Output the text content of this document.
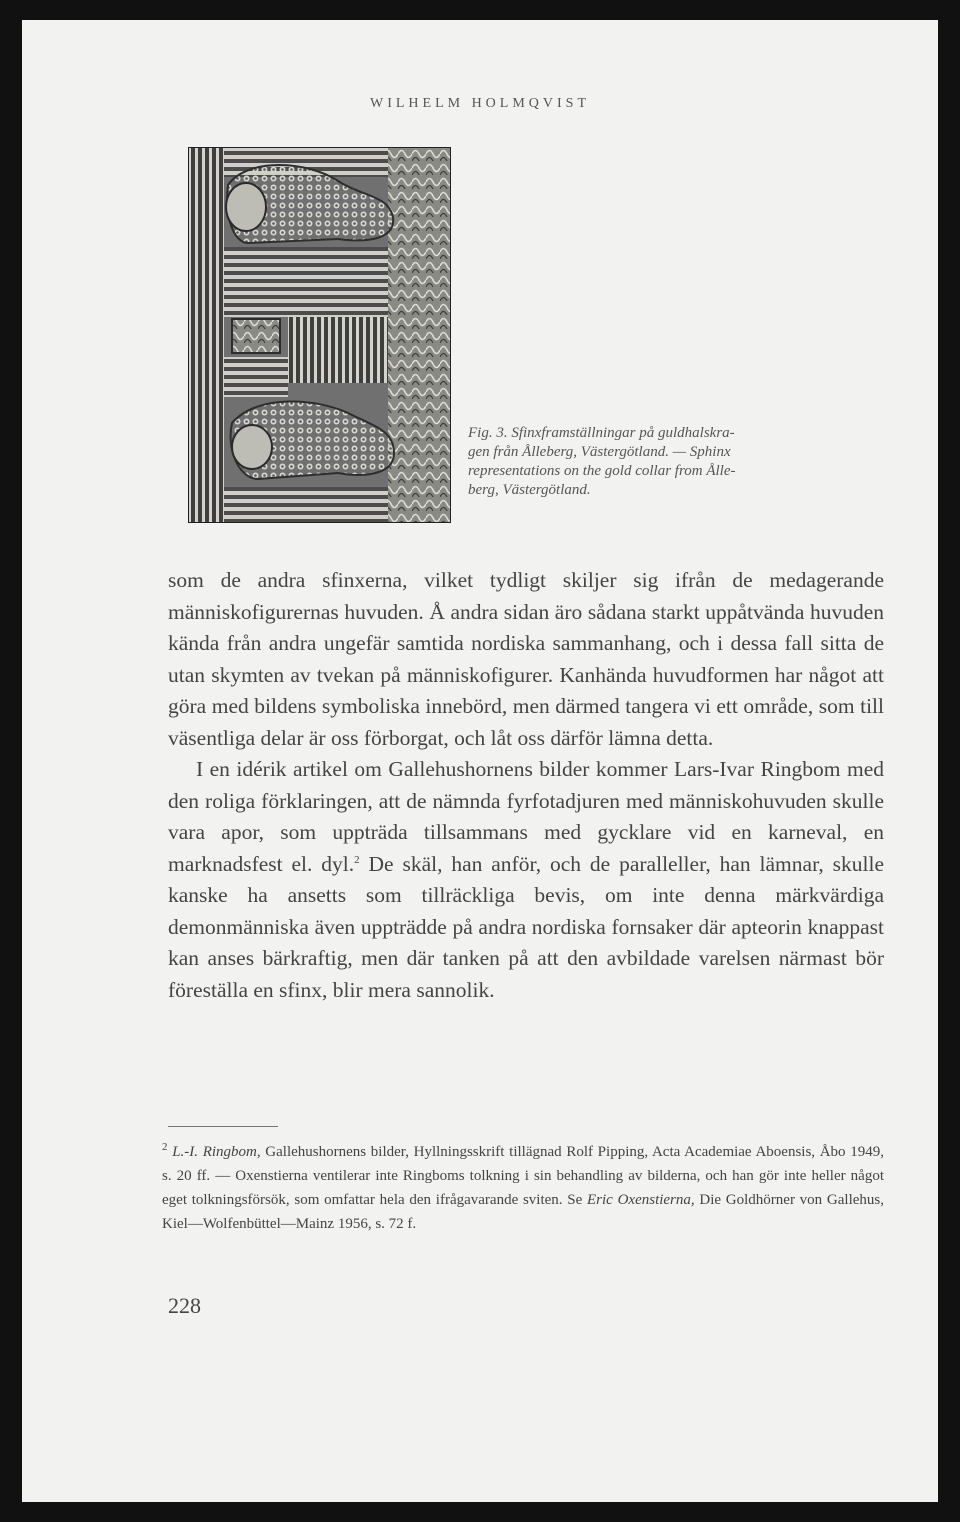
WILHELM HOLMQVIST
Fig. 3. Sfinxframställningar på guldhalskra-
gen från Ålleberg, Västergötland. — Sphinx
representations on the gold collar from Ålle-
berg, Västergötland.

som de andra sfinxerna, vilket tydligt skiljer sig ifrån de medagerande människofigurernas huvuden. Å andra sidan äro sådana starkt uppåtvända huvuden kända från andra ungefär samtida nordiska sammanhang, och i dessa fall sitta de utan skymten av tvekan på människofigurer. Kanhända huvudformen har något att göra med bildens symboliska innebörd, men därmed tangera vi ett område, som till väsentliga delar är oss förborgat, och låt oss därför lämna detta.

I en idérik artikel om Gallehushornens bilder kommer Lars-Ivar Ringbom med den roliga förklaringen, att de nämnda fyrfotadjuren med människohuvuden skulle vara apor, som uppträda tillsammans med gycklare vid en karneval, en marknadsfest el. dyl.$^2$ De skäl, han anför, och de paralleller, han lämnar, skulle kanske ha ansetts som tillräckliga bevis, om inte denna märkvärdiga demonmänniska även uppträdde på andra nordiska fornsaker där apteorin knappast kan anses bärkraftig, men där tanken på att den avbildade varelsen närmast bör föreställa en sfinx, blir mera sannolik.

$^2$ L.-I. Ringbom, Gallehushornens bilder, Hyllningsskrift tillägnad Rolf Pipping, Acta Academiae Aboensis, Åbo 1949, s. 20 ff. — Oxenstierna ventilerar inte Ringboms tolkning i sin behandling av bilderna, och han gör inte heller något eget tolkningsförsök, som omfattar hela den ifrågavarande sviten. Se Eric Oxenstierna, Die Goldhörner von Gallehus, Kiel—Wolfenbüttel—Mainz 1956, s. 72 f.

228
